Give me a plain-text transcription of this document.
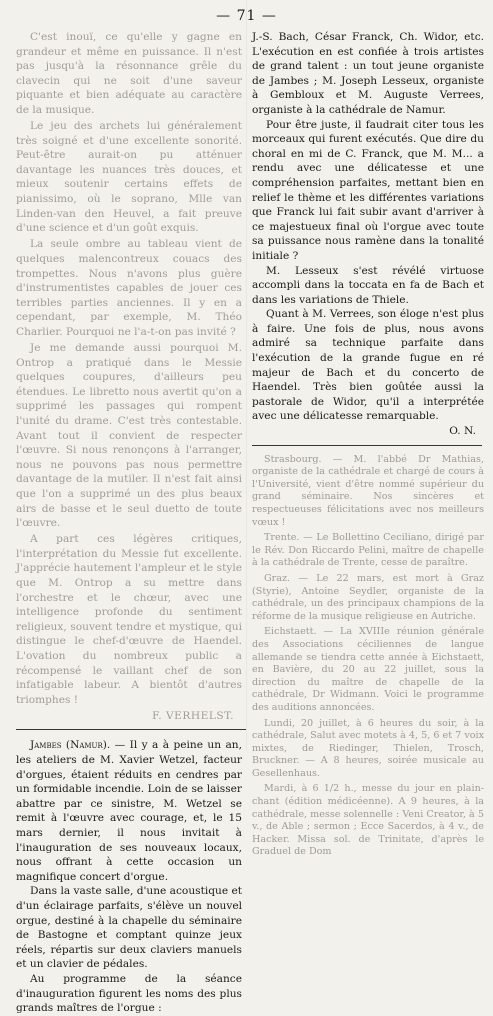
— 71 —

C'est inouï, ce qu'elle y gagne en grandeur et même en puissance. Il n'est pas jusqu'à la résonnance grêle du clavecin qui ne soit d'une saveur piquante et bien adéquate au caractère de la musique.

Le jeu des archets lui généralement très soigné et d'une excellente sonorité. Peut-être aurait-on pu atténuer davantage les nuances très douces, et mieux soutenir certains effets de pianissimo, où le soprano, Mlle van Linden-van den Heuvel, a fait preuve d'une science et d'un goût exquis.

La seule ombre au tableau vient de quelques malencontreux couacs des trompettes. Nous n'avons plus guère d'instrumentistes capables de jouer ces terribles parties anciennes. Il y en a cependant, par exemple, M. Théo Charlier. Pourquoi ne l'a-t-on pas invité ?

Je me demande aussi pourquoi M. Ontrop a pratiqué dans le Messie quelques coupures, d'ailleurs peu étendues. Le libretto nous avertit qu'on a supprimé les passages qui rompent l'unité du drame. C'est très contestable. Avant tout il convient de respecter l'œuvre. Si nous renonçons à l'arranger, nous ne pouvons pas nous permettre davantage de la mutiler. Il n'est fait ainsi que l'on a supprimé un des plus beaux airs de basse et le seul duetto de toute l'œuvre.

A part ces légères critiques, l'interprétation du Messie fut excellente. J'apprécie hautement l'ampleur et le style que M. Ontrop a su mettre dans l'orchestre et le chœur, avec une intelligence profonde du sentiment religieux, souvent tendre et mystique, qui distingue le chef-d'œuvre de Haendel. L'ovation du nombreux public a récompensé le vaillant chef de son infatigable labeur. A bientôt d'autres triomphes !

F. VERHELST.

Jambes (Namur). — Il y a à peine un an, les ateliers de M. Xavier Wetzel, facteur d'orgues, étaient réduits en cendres par un formidable incendie. Loin de se laisser abattre par ce sinistre, M. Wetzel se remit à l'œuvre avec courage, et, le 15 mars dernier, il nous invitait à l'inauguration de ses nouveaux locaux, nous offrant à cette occasion un magnifique concert d'orgue.

Dans la vaste salle, d'une acoustique et d'un éclairage parfaits, s'élève un nouvel orgue, destiné à la chapelle du séminaire de Bastogne et comptant quinze jeux réels, répartis sur deux claviers manuels et un clavier de pédales.

Au programme de la séance d'inauguration figurent les noms des plus grands maîtres de l'orgue :

J.-S. Bach, César Franck, Ch. Widor, etc. L'exécution en est confiée à trois artistes de grand talent : un tout jeune organiste de Jambes ; M. Joseph Lesseux, organiste à Gembloux et M. Auguste Verrees, organiste à la cathédrale de Namur.

Pour être juste, il faudrait citer tous les morceaux qui furent exécutés. Que dire du choral en mi de C. Franck, que M. M... a rendu avec une délicatesse et une compréhension parfaites, mettant bien en relief le thème et les différentes variations que Franck lui fait subir avant d'arriver à ce majestueux final où l'orgue avec toute sa puissance nous ramène dans la tonalité initiale ?

M. Lesseux s'est révélé virtuose accompli dans la toccata en fa de Bach et dans les variations de Thiele.

Quant à M. Verrees, son éloge n'est plus à faire. Une fois de plus, nous avons admiré sa technique parfaite dans l'exécution de la grande fugue en ré majeur de Bach et du concerto de Haendel. Très bien goûtée aussi la pastorale de Widor, qu'il a interprétée avec une délicatesse remarquable.

O. N.

Strasbourg. — M. l'abbé Dr Mathias, organiste de la cathédrale et chargé de cours à l'Université, vient d'être nommé supérieur du grand séminaire. Nos sincères et respectueuses félicitations avec nos meilleurs vœux !

Trente. — Le Bollettino Ceciliano, dirigé par le Rév. Don Riccardo Pelini, maître de chapelle à la cathédrale de Trente, cesse de paraître.

Graz. — Le 22 mars, est mort à Graz (Styrie), Antoine Seydler, organiste de la cathédrale, un des principaux champions de la réforme de la musique religieuse en Autriche.

Eichstaett. — La XVIIIe réunion générale des Associations céciliennes de langue allemande se tiendra cette année à Eichstaett, en Bavière, du 20 au 22 juillet, sous la direction du maître de chapelle de la cathédrale, Dr Widmann. Voici le programme des auditions annoncées.

Lundi, 20 juillet, à 6 heures du soir, à la cathédrale, Salut avec motets à 4, 5, 6 et 7 voix mixtes, de Riedinger, Thielen, Trosch, Bruckner. — A 8 heures, soirée musicale au Gesellenhaus.

Mardi, à 6 1/2 h., messe du jour en plain-chant (édition médicéenne). A 9 heures, à la cathédrale, messe solennelle : Veni Creator, à 5 v., de Able ; sermon ; Ecce Sacerdos, à 4 v., de Hacker. Missa sol. de Trinitate, d'après le Graduel de Dom
